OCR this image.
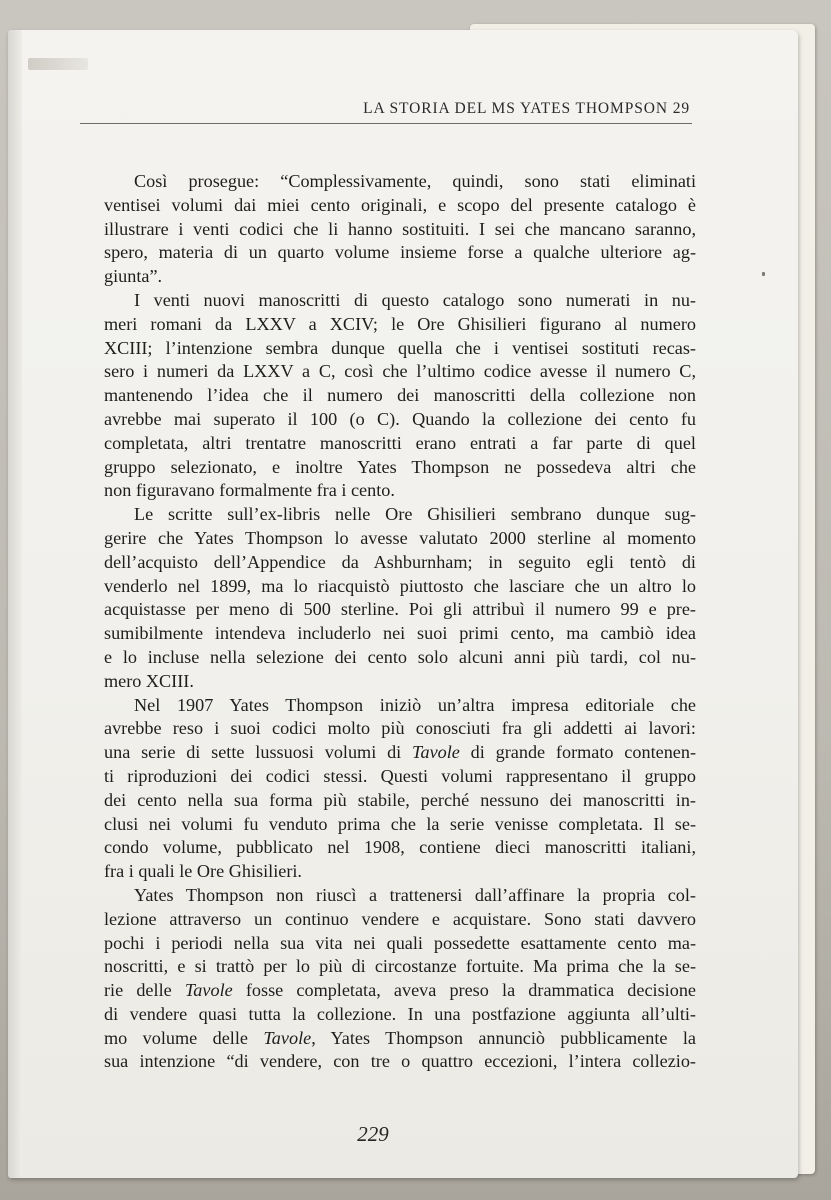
LA STORIA DEL MS YATES THOMPSON 29
Così prosegue: “Complessivamente, quindi, sono stati eliminati
ventisei volumi dai miei cento originali, e scopo del presente catalogo è
illustrare i venti codici che li hanno sostituiti. I sei che mancano saranno,
spero, materia di un quarto volume insieme forse a qualche ulteriore ag-
giunta”.
I venti nuovi manoscritti di questo catalogo sono numerati in nu-
meri romani da LXXV a XCIV; le Ore Ghisilieri figurano al numero
XCIII; l’intenzione sembra dunque quella che i ventisei sostituti recas-
sero i numeri da LXXV a C, così che l’ultimo codice avesse il numero C,
mantenendo l’idea che il numero dei manoscritti della collezione non
avrebbe mai superato il 100 (o C). Quando la collezione dei cento fu
completata, altri trentatre manoscritti erano entrati a far parte di quel
gruppo selezionato, e inoltre Yates Thompson ne possedeva altri che
non figuravano formalmente fra i cento.
Le scritte sull’ex-libris nelle Ore Ghisilieri sembrano dunque sug-
gerire che Yates Thompson lo avesse valutato 2000 sterline al momento
dell’acquisto dell’Appendice da Ashburnham; in seguito egli tentò di
venderlo nel 1899, ma lo riacquistò piuttosto che lasciare che un altro lo
acquistasse per meno di 500 sterline. Poi gli attribuì il numero 99 e pre-
sumibilmente intendeva includerlo nei suoi primi cento, ma cambiò idea
e lo incluse nella selezione dei cento solo alcuni anni più tardi, col nu-
mero XCIII.
Nel 1907 Yates Thompson iniziò un’altra impresa editoriale che
avrebbe reso i suoi codici molto più conosciuti fra gli addetti ai lavori:
una serie di sette lussuosi volumi di Tavole di grande formato contenen-
ti riproduzioni dei codici stessi. Questi volumi rappresentano il gruppo
dei cento nella sua forma più stabile, perché nessuno dei manoscritti in-
clusi nei volumi fu venduto prima che la serie venisse completata. Il se-
condo volume, pubblicato nel 1908, contiene dieci manoscritti italiani,
fra i quali le Ore Ghisilieri.
Yates Thompson non riuscì a trattenersi dall’affinare la propria col-
lezione attraverso un continuo vendere e acquistare. Sono stati davvero
pochi i periodi nella sua vita nei quali possedette esattamente cento ma-
noscritti, e si trattò per lo più di circostanze fortuite. Ma prima che la se-
rie delle Tavole fosse completata, aveva preso la drammatica decisione
di vendere quasi tutta la collezione. In una postfazione aggiunta all’ulti-
mo volume delle Tavole, Yates Thompson annunciò pubblicamente la
sua intenzione “di vendere, con tre o quattro eccezioni, l’intera collezio-
229
